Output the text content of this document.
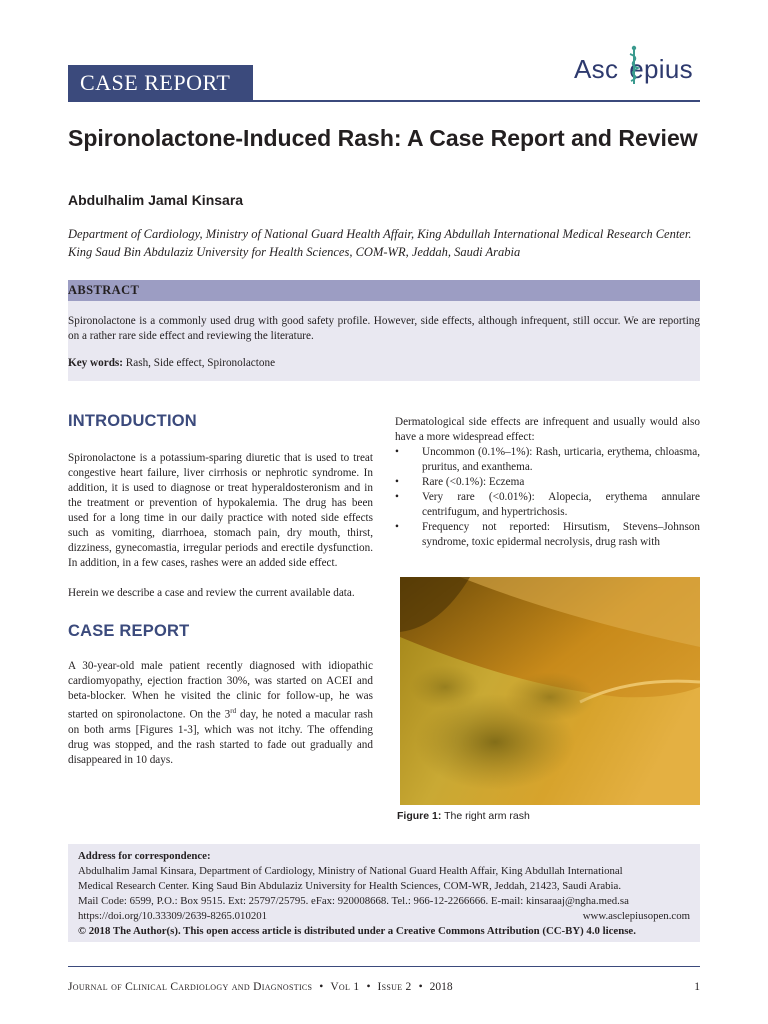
CASE REPORT	Asc epius
Spironolactone-Induced Rash: A Case Report and Review
Abdulhalim Jamal Kinsara
Department of Cardiology, Ministry of National Guard Health Affair, King Abdullah International Medical Research Center. King Saud Bin Abdulaziz University for Health Sciences, COM-WR, Jeddah, Saudi Arabia
ABSTRACT

Spironolactone is a commonly used drug with good safety profile. However, side effects, although infrequent, still occur. We are reporting on a rather rare side effect and reviewing the literature.

Key words: Rash, Side effect, Spironolactone

INTRODUCTION

Spironolactone is a potassium-sparing diuretic that is used to treat congestive heart failure, liver cirrhosis or nephrotic syndrome. In addition, it is used to diagnose or treat hyperaldosteronism and in the treatment or prevention of hypokalemia. The drug has been used for a long time in our daily practice with noted side effects such as vomiting, diarrhoea, stomach pain, dry mouth, thirst, dizziness, gynecomastia, irregular periods and erectile dysfunction. In addition, in a few cases, rashes were an added side effect.

Herein we describe a case and review the current available data.

CASE REPORT

A 30-year-old male patient recently diagnosed with idiopathic cardiomyopathy, ejection fraction 30%, was started on ACEI and beta-blocker. When he visited the clinic for follow-up, he was started on spironolactone. On the 3rd day, he noted a macular rash on both arms [Figures 1-3], which was not itchy. The offending drug was stopped, and the rash started to fade out gradually and disappeared in 10 days.

Dermatological side effects are infrequent and usually would also have a more widespread effect:

• Uncommon (0.1%–1%): Rash, urticaria, erythema, chloasma, pruritus, and exanthema.
• Rare (<0.1%): Eczema
• Very rare (<0.01%): Alopecia, erythema annulare centrifugum, and hypertrichosis.
• Frequency not reported: Hirsutism, Stevens–Johnson syndrome, toxic epidermal necrolysis, drug rash with
Figure 1: The right arm rash
Address for correspondence:
Abdulhalim Jamal Kinsara, Department of Cardiology, Ministry of National Guard Health Affair, King Abdullah International
Medical Research Center. King Saud Bin Abdulaziz University for Health Sciences, COM-WR, Jeddah, 21423, Saudi Arabia.
Mail Code: 6599, P.O.: Box 9515. Ext: 25797/25795. eFax: 920008668. Tel.: 966-12-2266666. E-mail: kinsaraaj@ngha.med.sa
https://doi.org/10.33309/2639-8265.010201	www.asclepiusopen.com
© 2018 The Author(s). This open access article is distributed under a Creative Commons Attribution (CC-BY) 4.0 license.
Journal of Clinical Cardiology and Diagnostics • Vol 1 • Issue 2 • 2018	1
